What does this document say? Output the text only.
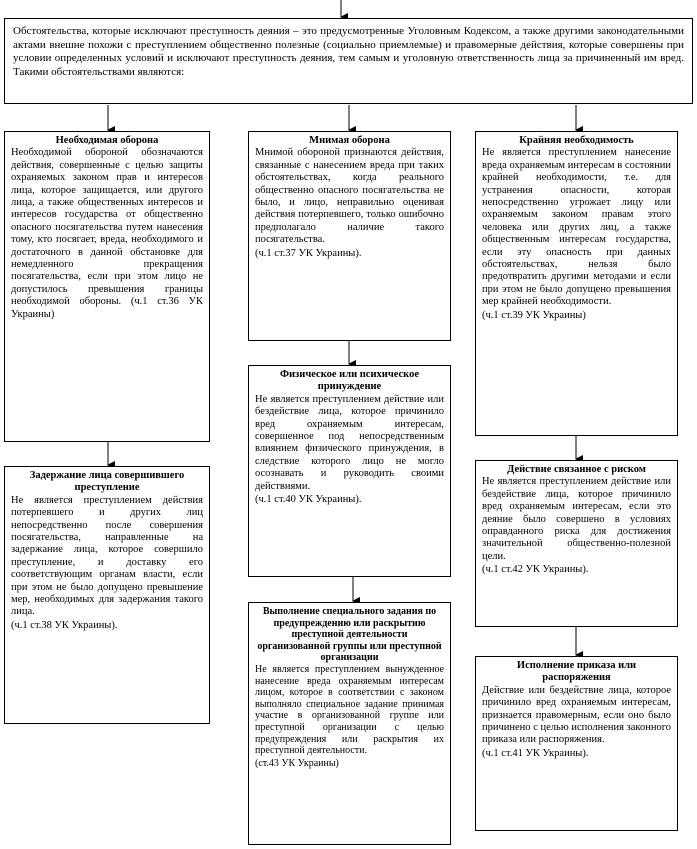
Обстоятельства, которые исключают преступность деяния – это предусмотренные Уголовным Кодексом, а также другими законодательными актами внешне похожи с преступлением общественно полезные (социально приемлемые) и правомерные действия, которые совершены при условии определенных условий и исключают преступность деяния, тем самым и уголовную ответственность лица за причиненный им вред. Такими обстоятельствами являются:
Необходимая оборона
Необходимой обороной обозначаются действия, совершенные с целью защиты охраняемых законом прав и интересов лица, которое защищается, или другого лица, а также общественных интересов и интересов государства от общественно опасного посягательства путем нанесения тому, кто посягает, вреда, необходимого и достаточного в данной обстановке для немедленного прекращения посягательства, если при этом лицо не допустилось превышения границы необходимой обороны. (ч.1 ст.36 УК Украины)
Задержание лица совершившего преступление
Не является преступлением действия потерпевшего и других лиц непосредственно после совершения посягательства, направленные на задержание лица, которое совершило преступление, и доставку его соответствующим органам власти, если при этом не было допущено превышение мер, необходимых для задержания такого лица.
(ч.1 ст.38 УК Украины).
Мнимая оборона
Мнимой обороной признаются действия, связанные с нанесением вреда при таких обстоятельствах, когда реального общественно опасного посягательства не было, и лицо, неправильно оценивая действия потерпевшего, только ошибочно предполагало наличие такого посягательства.
(ч.1 ст.37 УК Украины).
Физическое или психическое принуждение
Не является преступлением действие или бездействие лица, которое причинило вред охраняемым интересам, совершенное под непосредственным влиянием физического принуждения, в следствие которого лицо не могло осознавать и руководить своими действиями.
(ч.1 ст.40 УК Украины).
Выполнение специального задания по предупреждению или раскрытию преступной деятельности организованной группы или преступной организации
Не является преступлением вынужденное нанесение вреда охраняемым интересам лицом, которое в соответствии с законом выполняло специальное задание принимая участие в организованной группе или преступной организации с целью предупреждения или раскрытия их преступной деятельности.
(ст.43 УК Украины)
Крайняя необходимость
Не является преступлением нанесение вреда охраняемым интересам в состоянии крайней необходимости, т.е. для устранения опасности, которая непосредственно угрожает лицу или охраняемым законом правам этого человека или других лиц, а также общественным интересам государства, если эту опасность при данных обстоятельствах, нельзя было предотвратить другими методами и если при этом не было допущено превышения мер крайней необходимости.
(ч.1 ст.39 УК Украины)
Действие связанное с риском
Не является преступлением действие или бездействие лица, которое причинило вред охраняемым интересам, если это деяние было совершено в условиях оправданного риска для достижения значительной общественно-полезной цели.
(ч.1 ст.42 УК Украины).
Исполнение приказа или распоряжения
Действие или бездействие лица, которое причинило вред охраняемым интересам, признается правомерным, если оно было причинено с целью исполнения законного приказа или распоряжения.
(ч.1 ст.41 УК Украины).
